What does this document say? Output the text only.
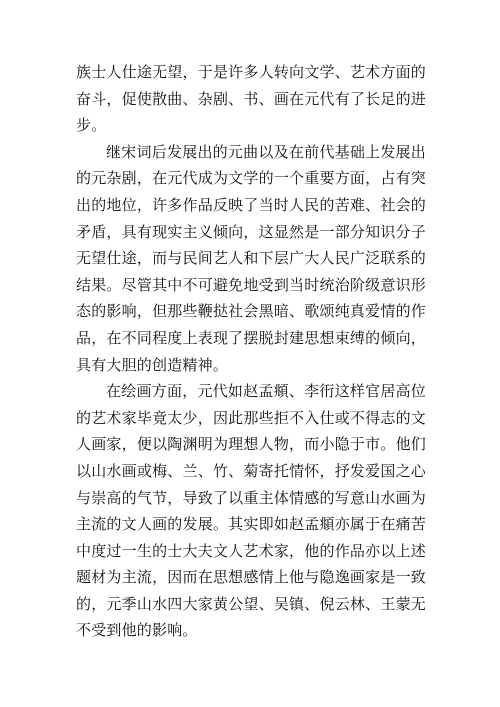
族士人仕途无望，于是许多人转向文学、艺术方面的奋斗，促使散曲、杂剧、书、画在元代有了长足的进步。

继宋词后发展出的元曲以及在前代基础上发展出的元杂剧，在元代成为文学的一个重要方面，占有突出的地位，许多作品反映了当时人民的苦难、社会的矛盾，具有现实主义倾向，这显然是一部分知识分子无望仕途，而与民间艺人和下层广大人民广泛联系的结果。尽管其中不可避免地受到当时统治阶级意识形态的影响，但那些鞭挞社会黑暗、歌颂纯真爱情的作品，在不同程度上表现了摆脱封建思想束缚的倾向，具有大胆的创造精神。

在绘画方面，元代如赵孟頫、李衎这样官居高位的艺术家毕竟太少，因此那些拒不入仕或不得志的文人画家，便以陶渊明为理想人物，而小隐于市。他们以山水画或梅、兰、竹、菊寄托情怀，抒发爱国之心与崇高的气节，导致了以重主体情感的写意山水画为主流的文人画的发展。其实即如赵孟頫亦属于在痛苦中度过一生的士大夫文人艺术家，他的作品亦以上述题材为主流，因而在思想感情上他与隐逸画家是一致的，元季山水四大家黄公望、吴镇、倪云林、王蒙无不受到他的影响。
